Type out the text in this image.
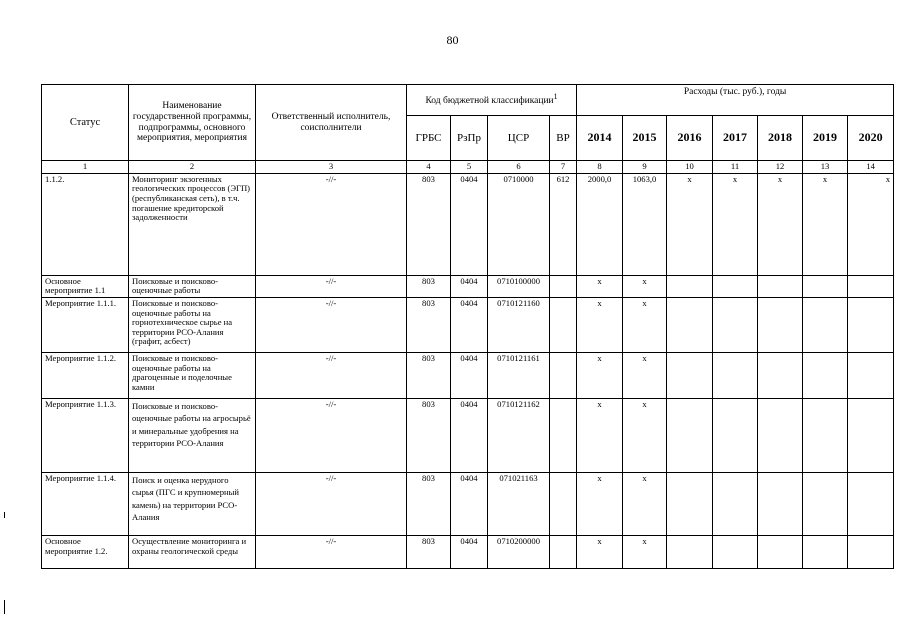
80
Статус	Наименование государственной программы, подпрограммы, основного мероприятия, мероприятия	Ответственный исполнитель, соисполнители	Код бюджетной классификации$^1$				Расходы (тыс. руб.), годы						
			ГРБС	РзПр	ЦСР	ВР	2014	2015	2016	2017	2018	2019	2020
1	2	3	4	5	6	7	8	9	10	11	12	13	14
1.1.2.	Мониторинг экзогенных геологических процессов (ЭГП) (республиканская сеть), в т.ч. погашение кредиторской задолженности	-//-	803	0404	0710000	612	2000,0	1063,0	x	x	x	x	x
Основное мероприятие 1.1	Поисковые и поисково-оценочные работы	-//-	803	0404	0710100000		x	x					
Мероприятие 1.1.1.	Поисковые и поисково-оценочные работы на горнотехническое сырье на территории РСО-Алания (графит, асбест)	-//-	803	0404	0710121160		x	x					
Мероприятие 1.1.2.	Поисковые и поисково-оценочные работы на драгоценные и поделочные камни	-//-	803	0404	0710121161		x	x					
Мероприятие 1.1.3.	Поисковые и поисково-оценочные работы на агросырьё и минеральные удобрения на территории РСО-Алания	-//-	803	0404	0710121162		x	x					
Мероприятие 1.1.4.	Поиск и оценка нерудного сырья (ПГС и крупномерный камень) на территории РСО-Алания	-//-	803	0404	071021163		x	x					
Основное мероприятие 1.2.	Осуществление мониторинга и охраны геологической среды	-//-	803	0404	0710200000		x	x					
